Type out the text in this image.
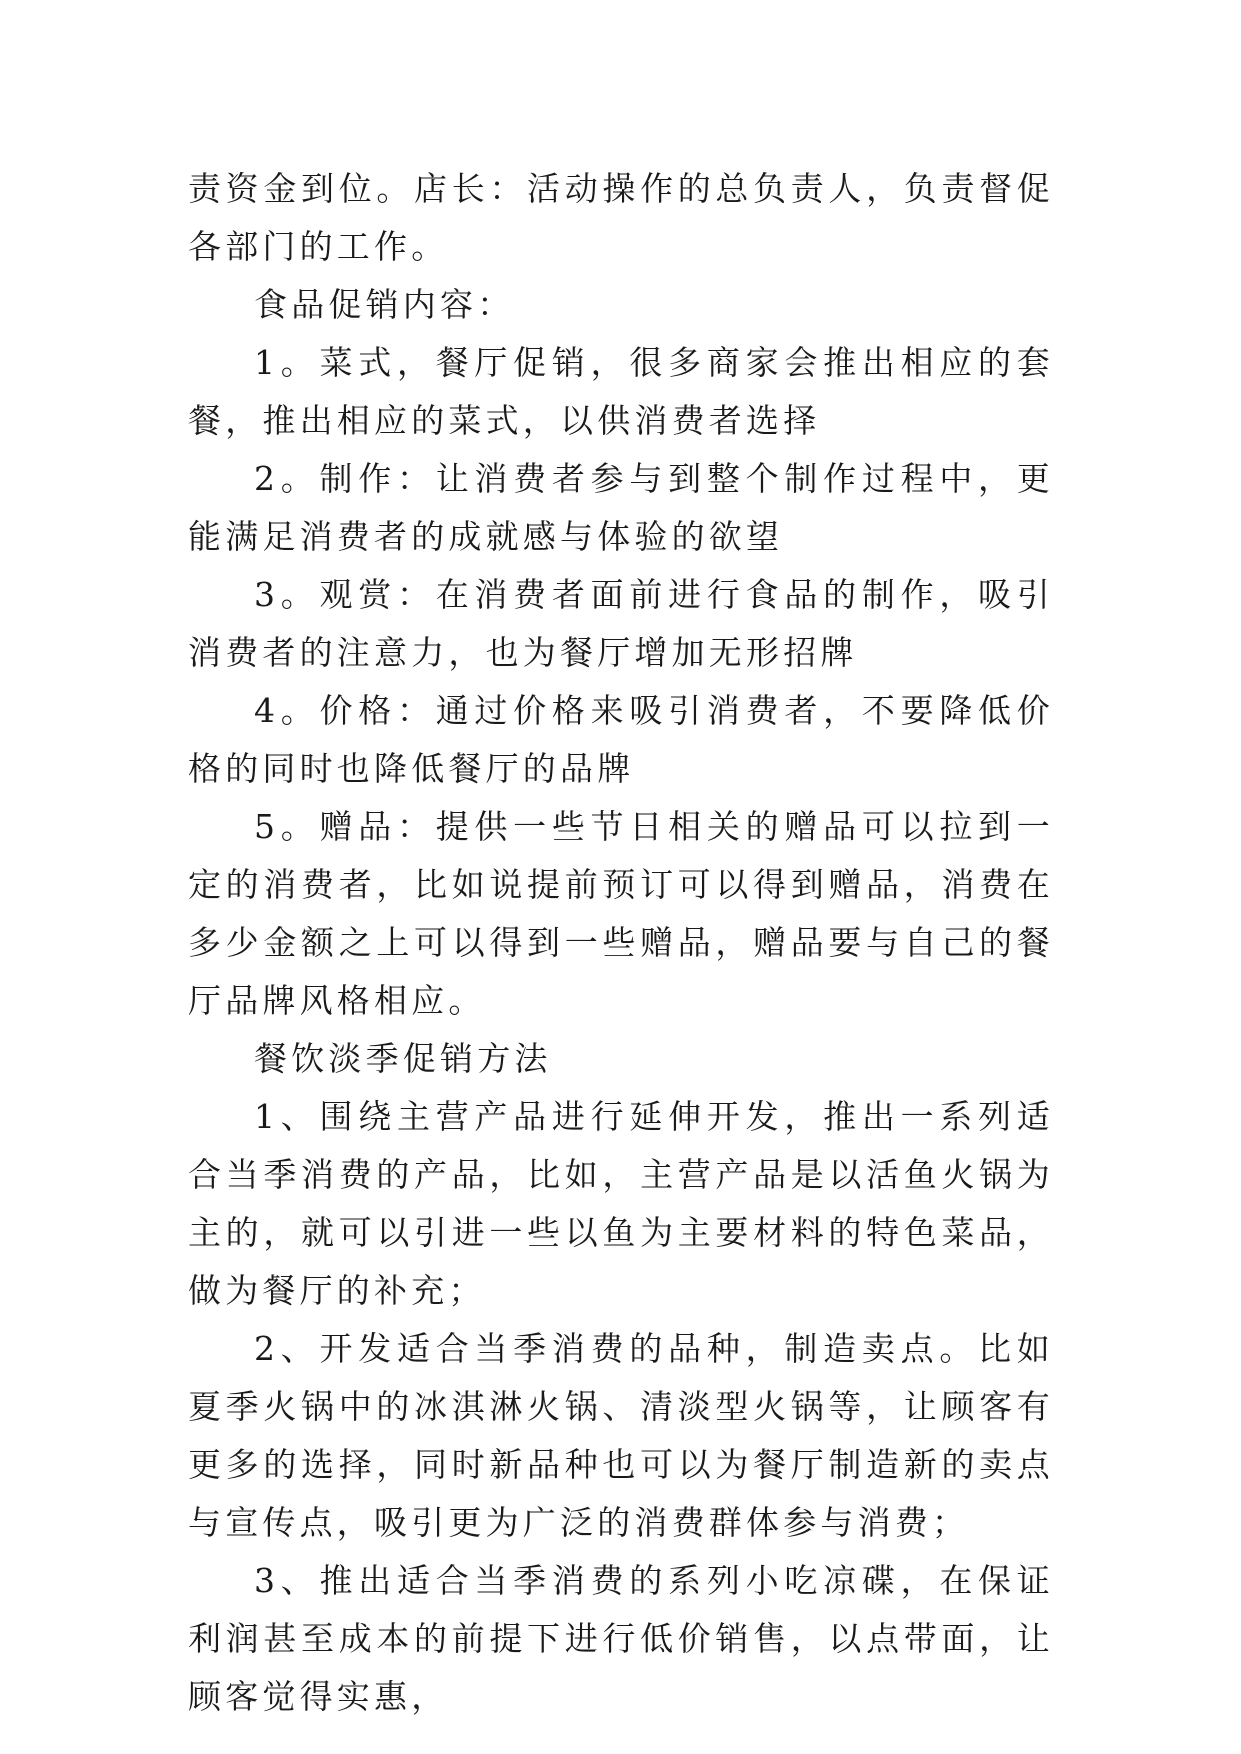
责资金到位。店长：活动操作的总负责人，负责督促各部门的工作。

食品促销内容：

1。菜式，餐厅促销，很多商家会推出相应的套餐，推出相应的菜式，以供消费者选择

2。制作：让消费者参与到整个制作过程中，更能满足消费者的成就感与体验的欲望

3。观赏：在消费者面前进行食品的制作，吸引消费者的注意力，也为餐厅增加无形招牌

4。价格：通过价格来吸引消费者，不要降低价格的同时也降低餐厅的品牌

5。赠品：提供一些节日相关的赠品可以拉到一定的消费者，比如说提前预订可以得到赠品，消费在多少金额之上可以得到一些赠品，赠品要与自己的餐厅品牌风格相应。

餐饮淡季促销方法

1、围绕主营产品进行延伸开发，推出一系列适合当季消费的产品，比如，主营产品是以活鱼火锅为主的，就可以引进一些以鱼为主要材料的特色菜品，做为餐厅的补充；

2、开发适合当季消费的品种，制造卖点。比如夏季火锅中的冰淇淋火锅、清淡型火锅等，让顾客有更多的选择，同时新品种也可以为餐厅制造新的卖点与宣传点，吸引更为广泛的消费群体参与消费；

3、推出适合当季消费的系列小吃凉碟，在保证利润甚至成本的前提下进行低价销售，以点带面，让顾客觉得实惠，
